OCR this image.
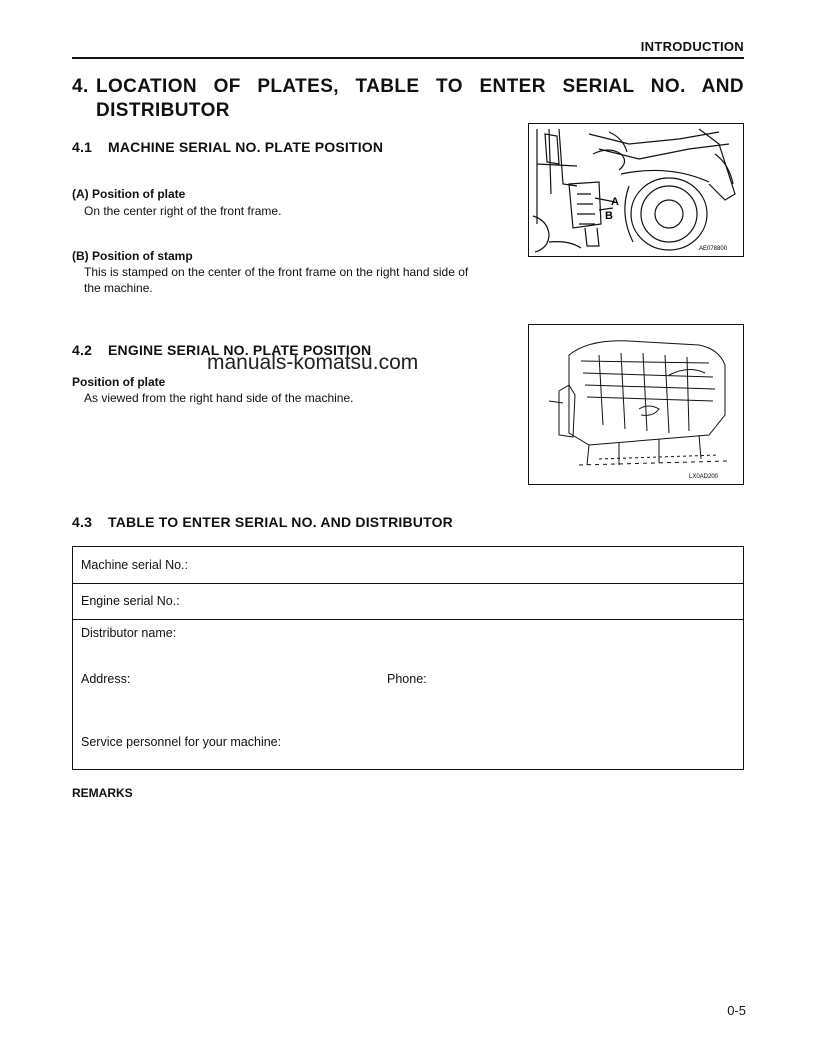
INTRODUCTION
4. LOCATION OF PLATES, TABLE TO ENTER SERIAL NO. AND
DISTRIBUTOR
4.1 MACHINE SERIAL NO. PLATE POSITION
(A) Position of plate
On the center right of the front frame.
(B) Position of stamp
This is stamped on the center of the front frame on the right hand side of
the machine.
A
B
AE078800
4.2 ENGINE SERIAL NO. PLATE POSITION
manuals-komatsu.com
Position of plate
As viewed from the right hand side of the machine.
LX0AD200
4.3 TABLE TO ENTER SERIAL NO. AND DISTRIBUTOR
Machine serial No.:
Engine serial No.:
Distributor name:
Address:	Phone:
Service personnel for your machine:
REMARKS
0-5
